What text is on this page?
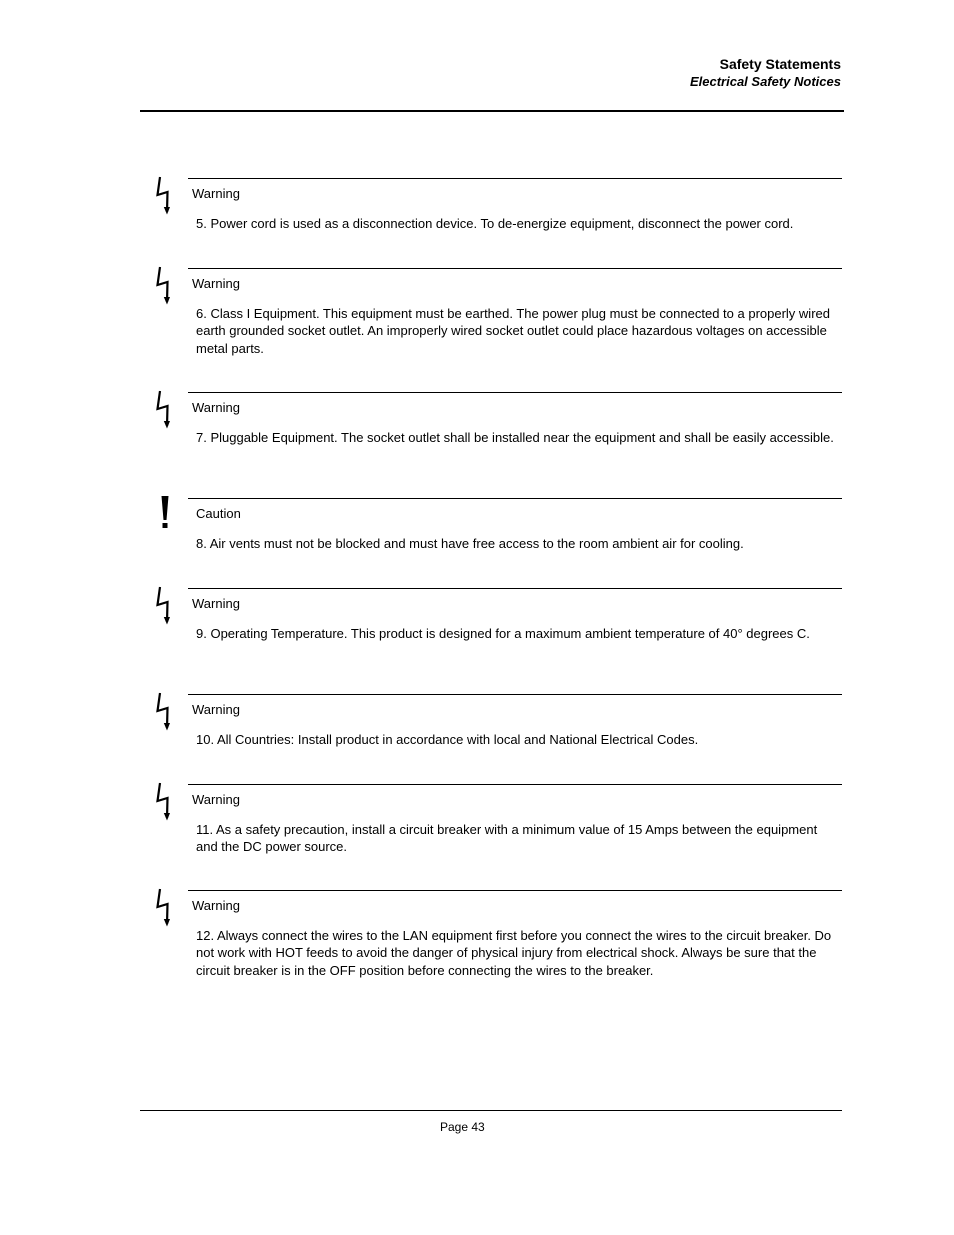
Safety Statements
Electrical Safety Notices
Warning
5. Power cord is used as a disconnection device. To de-energize equipment, disconnect the power cord.
Warning
6. Class I Equipment. This equipment must be earthed. The power plug must be connected to a properly wired earth grounded socket outlet. An improperly wired socket outlet could place hazardous voltages on accessible metal parts.
Warning
7. Pluggable Equipment. The socket outlet shall be installed near the equipment and shall be easily accessible.
Caution
8. Air vents must not be blocked and must have free access to the room ambient air for cooling.
Warning
9. Operating Temperature. This product is designed for a maximum ambient temperature of 40° degrees C.
Warning
10. All Countries: Install product in accordance with local and National Electrical Codes.
Warning
11. As a safety precaution, install a circuit breaker with a minimum value of 15 Amps between the equipment and the DC power source.
Warning
12. Always connect the wires to the LAN equipment first before you connect the wires to the circuit breaker. Do not work with HOT feeds to avoid the danger of physical injury from electrical shock. Always be sure that the circuit breaker is in the OFF position before connecting the wires to the breaker.
Page 43
